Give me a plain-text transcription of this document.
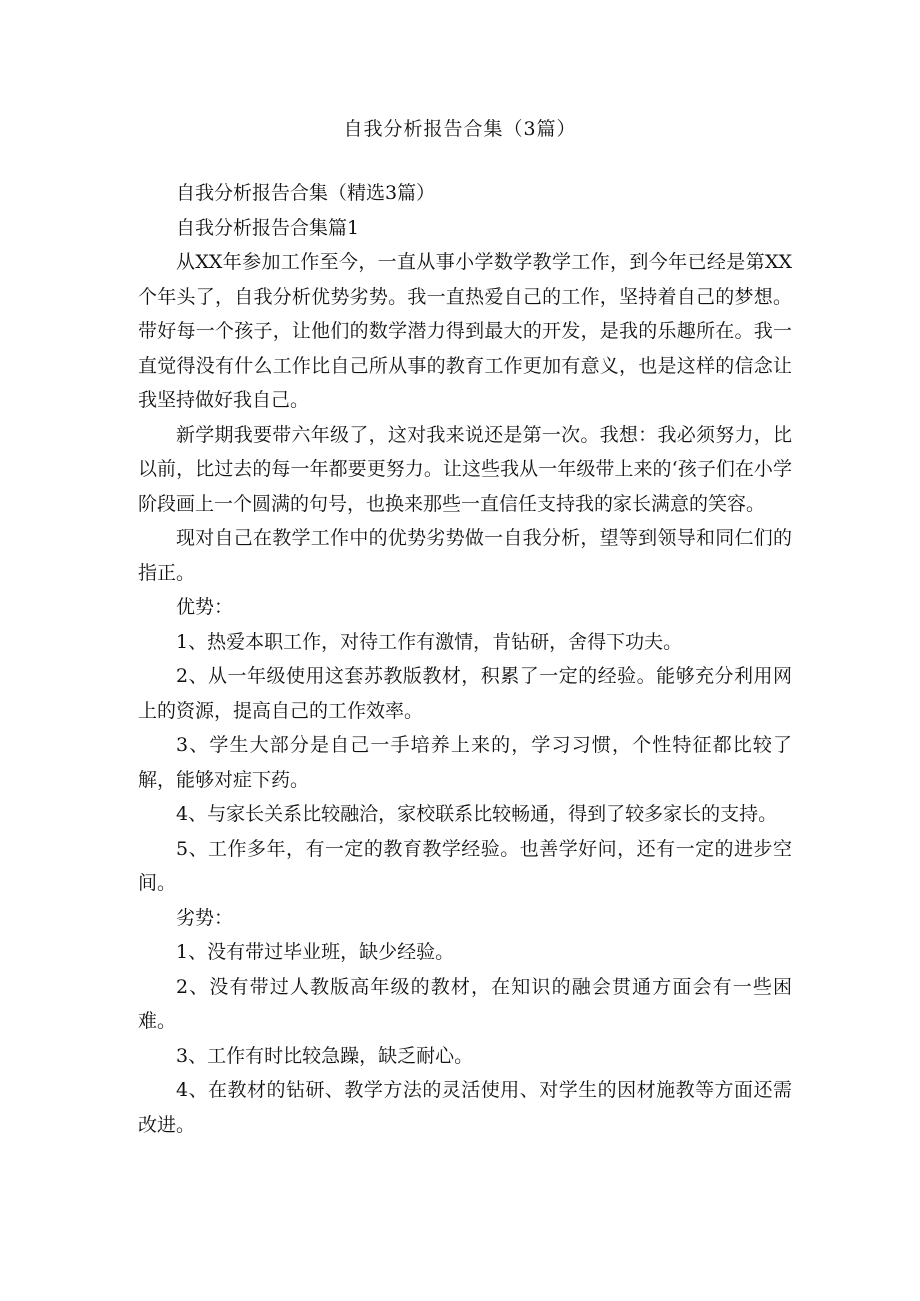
自我分析报告合集（3篇）

自我分析报告合集（精选3篇）

自我分析报告合集篇1

从XX年参加工作至今，一直从事小学数学教学工作，到今年已经是第XX个年头了，自我分析优势劣势。我一直热爱自己的工作，坚持着自己的梦想。带好每一个孩子，让他们的数学潜力得到最大的开发，是我的乐趣所在。我一直觉得没有什么工作比自己所从事的教育工作更加有意义，也是这样的信念让我坚持做好我自己。

新学期我要带六年级了，这对我来说还是第一次。我想：我必须努力，比以前，比过去的每一年都要更努力。让这些我从一年级带上来的‘孩子们在小学阶段画上一个圆满的句号，也换来那些一直信任支持我的家长满意的笑容。

现对自己在教学工作中的优势劣势做一自我分析，望等到领导和同仁们的指正。

优势：

1、热爱本职工作，对待工作有激情，肯钻研，舍得下功夫。

2、从一年级使用这套苏教版教材，积累了一定的经验。能够充分利用网上的资源，提高自己的工作效率。

3、学生大部分是自己一手培养上来的，学习习惯，个性特征都比较了解，能够对症下药。

4、与家长关系比较融洽，家校联系比较畅通，得到了较多家长的支持。

5、工作多年，有一定的教育教学经验。也善学好问，还有一定的进步空间。

劣势：

1、没有带过毕业班，缺少经验。

2、没有带过人教版高年级的教材，在知识的融会贯通方面会有一些困难。

3、工作有时比较急躁，缺乏耐心。

4、在教材的钻研、教学方法的灵活使用、对学生的因材施教等方面还需改进。
